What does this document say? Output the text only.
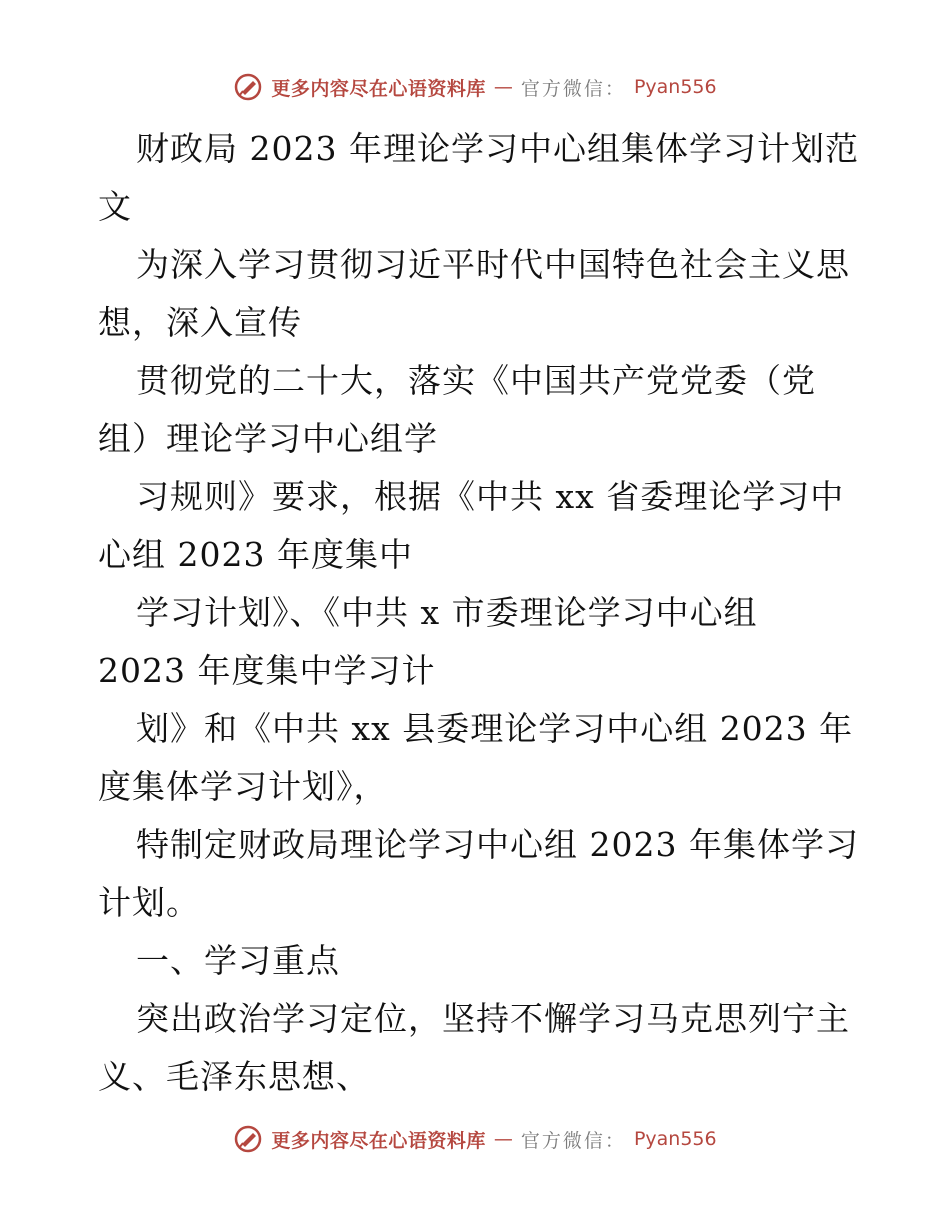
更多内容尽在心语资料库 — 官方微信： Pyan556
财政局 2023 年理论学习中心组集体学习计划范
文
为深入学习贯彻习近平时代中国特色社会主义思
想，深入宣传
贯彻党的二十大，落实《中国共产党党委（党
组）理论学习中心组学
习规则》要求，根据《中共 xx 省委理论学习中
心组 2023 年度集中
学习计划》、《中共 x 市委理论学习中心组
2023 年度集中学习计
划》和《中共 xx 县委理论学习中心组 2023 年
度集体学习计划》，
特制定财政局理论学习中心组 2023 年集体学习
计划。
一、学习重点
突出政治学习定位，坚持不懈学习马克思列宁主
义、毛泽东思想、
更多内容尽在心语资料库 — 官方微信： Pyan556
